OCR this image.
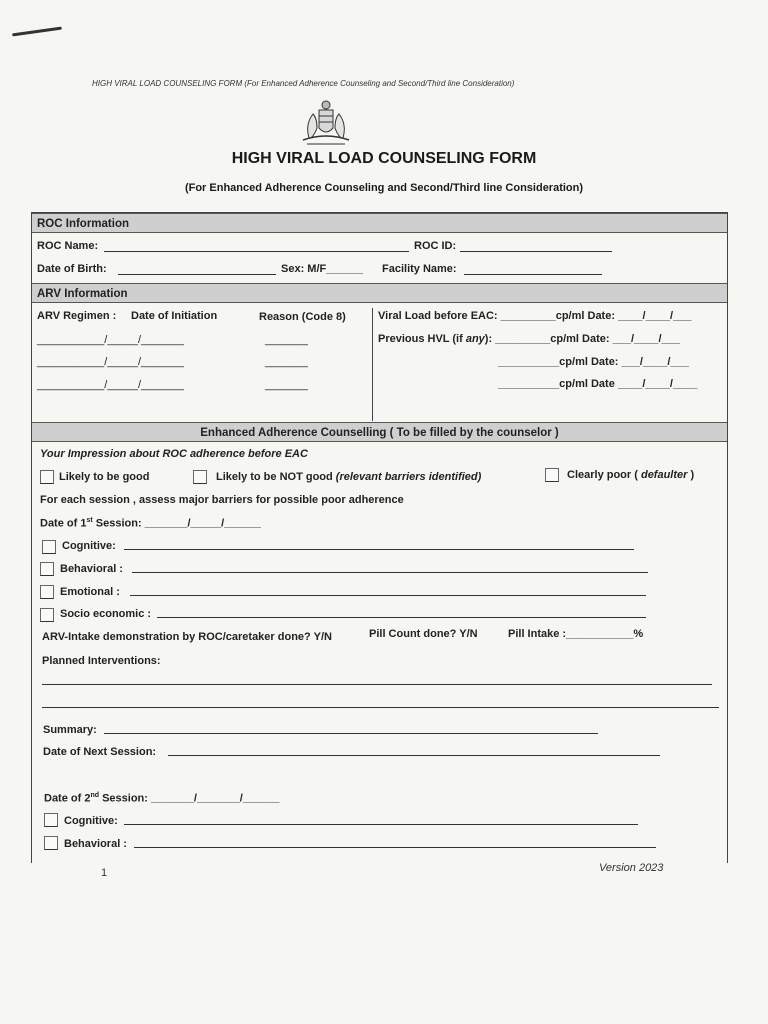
HIGH VIRAL LOAD COUNSELING FORM (For Enhanced Adherence Counseling and Second/Third line Consideration)
HIGH VIRAL LOAD COUNSELING FORM
(For Enhanced Adherence Counseling and Second/Third line Consideration)
ROC Information
ARV Information
Enhanced Adherence Counselling ( To be filled by the counselor )
ROC Name:	ROC ID:
Date of Birth:	Sex: M/F______ Facility Name:
ARV Regimen : Date of Initiation	Reason (Code 8)
___________/_____/_______	_______
___________/_____/_______	_______
___________/_____/_______	_______
Viral Load before EAC: _________cp/ml Date: ____/____/___
Previous HVL (if any): _________cp/ml Date: ___/____/___
__________cp/ml Date: ___/____/___
__________cp/ml Date ____/____/____
Your Impression about ROC adherence before EAC
Likely to be good	Likely to be NOT good (relevant barriers identified)	Clearly poor ( defaulter )
For each session , assess major barriers for possible poor adherence
Date of 1st Session: _______/_____/______
Cognitive:
Behavioral :
Emotional :
Socio economic :
ARV-Intake demonstration by ROC/caretaker done? Y/N	Pill Count done? Y/N	Pill Intake :___________%
Planned Interventions:
Summary:
Date of Next Session:
Date of 2nd Session: _______/_______/______
Cognitive:
Behavioral :
1	Version 2023
